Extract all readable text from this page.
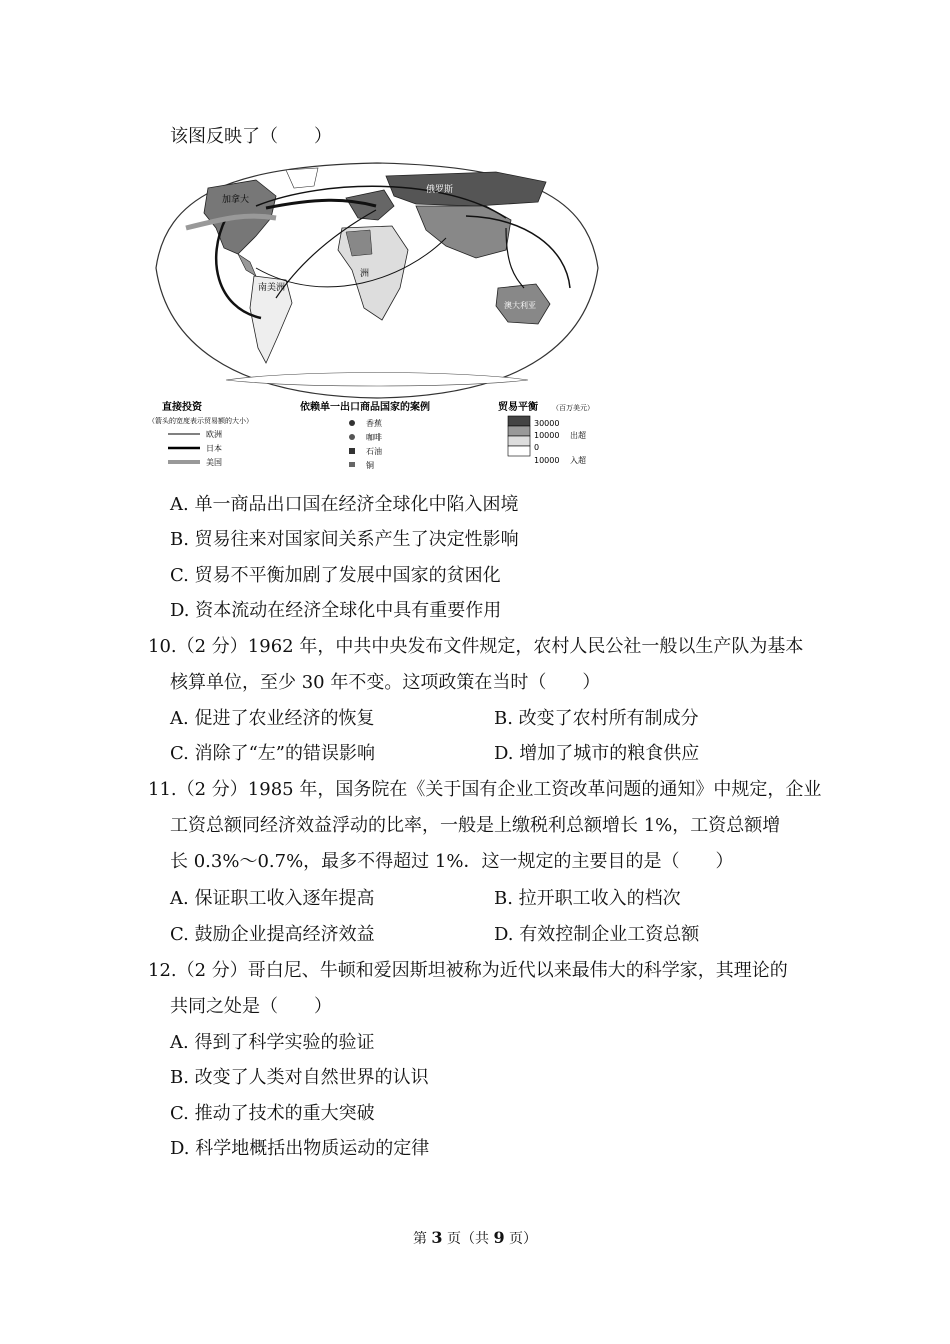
该图反映了（　　）
加拿大
俄罗斯
洲
南美洲
澳大利亚
直接投资
（箭头的宽度表示贸易额的大小）
欧洲
日本
美国
依赖单一出口商品国家的案例
香蕉
咖啡
石油
铜
贸易平衡 （百万美元）
30000
10000 出超
0
10000 入超
A. 单一商品出口国在经济全球化中陷入困境
B. 贸易往来对国家间关系产生了决定性影响
C. 贸易不平衡加剧了发展中国家的贫困化
D. 资本流动在经济全球化中具有重要作用
10.（2 分）1962 年，中共中央发布文件规定，农村人民公社一般以生产队为基本
核算单位，至少 30 年不变。这项政策在当时（　　）
A. 促进了农业经济的恢复	B. 改变了农村所有制成分
C. 消除了“左”的错误影响	D. 增加了城市的粮食供应
11.（2 分）1985 年，国务院在《关于国有企业工资改革问题的通知》中规定，企业
工资总额同经济效益浮动的比率，一般是上缴税利总额增长 1%，工资总额增
长 0.3%～0.7%，最多不得超过 1%．这一规定的主要目的是（　　）
A. 保证职工收入逐年提高	B. 拉开职工收入的档次
C. 鼓励企业提高经济效益	D. 有效控制企业工资总额
12.（2 分）哥白尼、牛顿和爱因斯坦被称为近代以来最伟大的科学家，其理论的
共同之处是（　　）
A. 得到了科学实验的验证
B. 改变了人类对自然世界的认识
C. 推动了技术的重大突破
D. 科学地概括出物质运动的定律
第 3 页（共 9 页）
